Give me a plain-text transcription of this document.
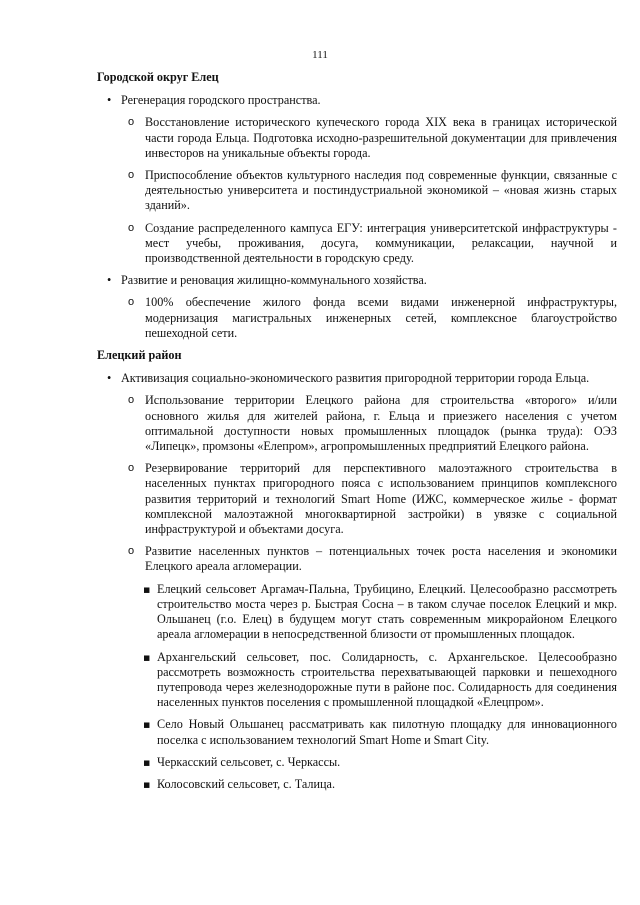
111
Городской округ Елец
• Регенерация городского пространства.
o Восстановление исторического купеческого города XIX века в границах исторической части города Ельца. Подготовка исходно-разрешительной документации для привлечения инвесторов на уникальные объекты города.
o Приспособление объектов культурного наследия под современные функции, связанные с деятельностью университета и постиндустриальной экономикой – «новая жизнь старых зданий».
o Создание распределенного кампуса ЕГУ: интеграция университетской инфраструктуры - мест учебы, проживания, досуга, коммуникации, релаксации, научной и производственной деятельности в городскую среду.
• Развитие и реновация жилищно-коммунального хозяйства.
o 100% обеспечение жилого фонда всеми видами инженерной инфраструктуры, модернизация магистральных инженерных сетей, комплексное благоустройство пешеходной сети.
Елецкий район
• Активизация социально-экономического развития пригородной территории города Ельца.
o Использование территории Елецкого района для строительства «второго» и/или основного жилья для жителей района, г. Ельца и приезжего населения с учетом оптимальной доступности новых промышленных площадок (рынка труда): ОЭЗ «Липецк», промзоны «Елепром», агропромышленных предприятий Елецкого района.
o Резервирование территорий для перспективного малоэтажного строительства в населенных пунктах пригородного пояса с использованием принципов комплексного развития территорий и технологий Smart Home (ИЖС, коммерческое жилье - формат комплексной малоэтажной многоквартирной застройки) в увязке с социальной инфраструктурой и объектами досуга.
o Развитие населенных пунктов – потенциальных точек роста населения и экономики Елецкого ареала агломерации.
▪ Елецкий сельсовет Аргамач-Пальна, Трубицино, Елецкий. Целесообразно рассмотреть строительство моста через р. Быстрая Сосна – в таком случае поселок Елецкий и мкр. Ольшанец (г.о. Елец) в будущем могут стать современным микрорайоном Елецкого ареала агломерации в непосредственной близости от промышленных площадок.
▪ Архангельский сельсовет, пос. Солидарность, с. Архангельское. Целесообразно рассмотреть возможность строительства перехватывающей парковки и пешеходного путепровода через железнодорожные пути в районе пос. Солидарность для соединения населенных пунктов поселения с промышленной площадкой «Елецпром».
▪ Село Новый Ольшанец рассматривать как пилотную площадку для инновационного поселка с использованием технологий Smart Home и Smart City.
▪ Черкасский сельсовет, с. Черкассы.
▪ Колосовский сельсовет, с. Талица.
